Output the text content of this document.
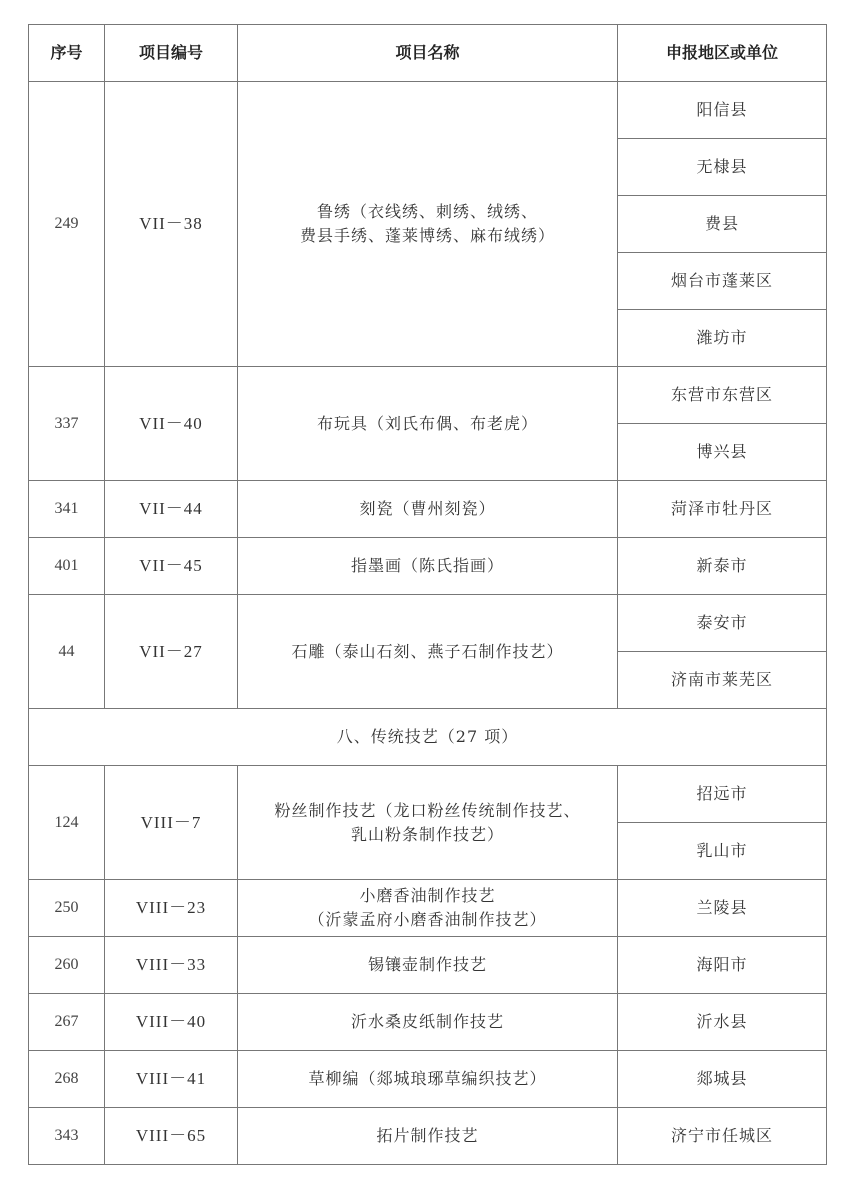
序号	项目编号	项目名称	申报地区或单位
249	VII－38	鲁绣（衣线绣、刺绣、绒绣、
费县手绣、蓬莱博绣、麻布绒绣）	阳信县
			无棣县
			费县
			烟台市蓬莱区
			潍坊市
337	VII－40	布玩具（刘氏布偶、布老虎）	东营市东营区
			博兴县
341	VII－44	刻瓷（曹州刻瓷）	菏泽市牡丹区
401	VII－45	指墨画（陈氏指画）	新泰市
44	VII－27	石雕（泰山石刻、燕子石制作技艺）	泰安市
			济南市莱芜区
八、传统技艺（27 项）			
124	VIII－7	粉丝制作技艺（龙口粉丝传统制作技艺、
乳山粉条制作技艺）	招远市
			乳山市
250	VIII－23	小磨香油制作技艺
（沂蒙孟府小磨香油制作技艺）	兰陵县
260	VIII－33	锡镶壶制作技艺	海阳市
267	VIII－40	沂水桑皮纸制作技艺	沂水县
268	VIII－41	草柳编（郯城琅琊草编织技艺）	郯城县
343	VIII－65	拓片制作技艺	济宁市任城区
